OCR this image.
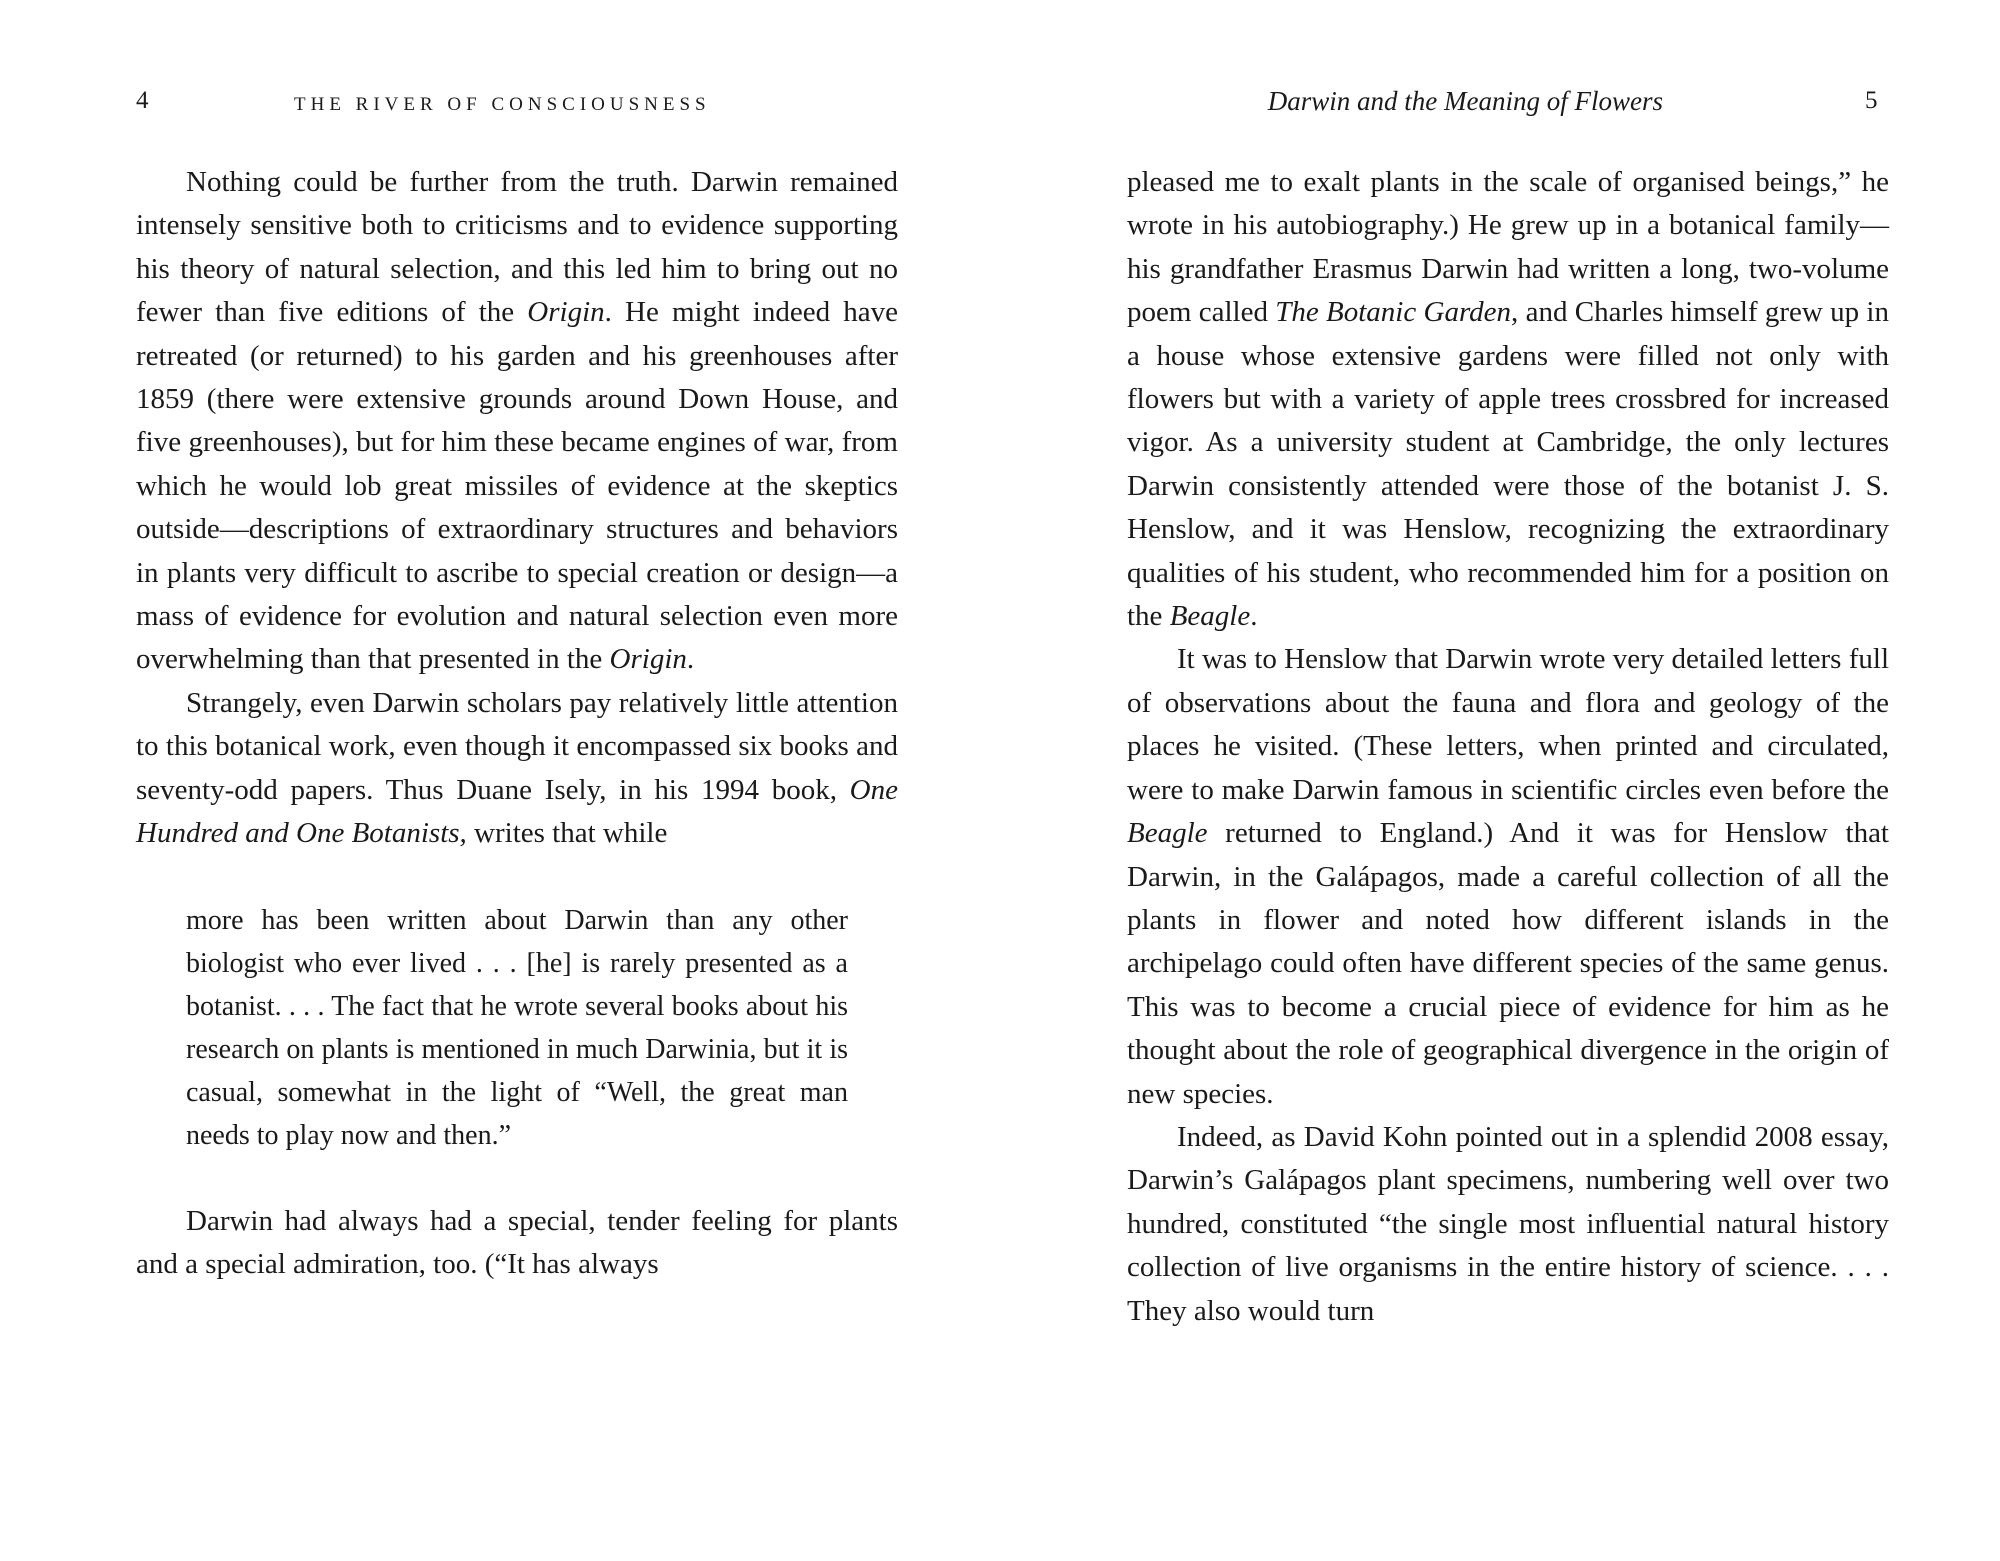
4	THE RIVER OF CONSCIOUSNESS

Nothing could be further from the truth. Darwin remained intensely sensitive both to criticisms and to evidence supporting his theory of natural selection, and this led him to bring out no fewer than five editions of the Origin. He might indeed have retreated (or returned) to his garden and his greenhouses after 1859 (there were extensive grounds around Down House, and five greenhouses), but for him these became engines of war, from which he would lob great missiles of evidence at the skeptics outside—descriptions of extraordinary structures and behaviors in plants very difficult to ascribe to special creation or design—a mass of evidence for evolution and natural selection even more overwhelming than that presented in the Origin.

Strangely, even Darwin scholars pay relatively little attention to this botanical work, even though it encompassed six books and seventy-odd papers. Thus Duane Isely, in his 1994 book, One Hundred and One Botanists, writes that while

more has been written about Darwin than any other biologist who ever lived . . . [he] is rarely presented as a botanist. . . . The fact that he wrote several books about his research on plants is mentioned in much Darwinia, but it is casual, somewhat in the light of “Well, the great man needs to play now and then.”

Darwin had always had a special, tender feeling for plants and a special admiration, too. (“It has always

Darwin and the Meaning of Flowers	5

pleased me to exalt plants in the scale of organised beings,” he wrote in his autobiography.) He grew up in a botanical family—his grandfather Erasmus Darwin had written a long, two-volume poem called The Botanic Garden, and Charles himself grew up in a house whose extensive gardens were filled not only with flowers but with a variety of apple trees crossbred for increased vigor. As a university student at Cambridge, the only lectures Darwin consistently attended were those of the botanist J. S. Henslow, and it was Henslow, recognizing the extraordinary qualities of his student, who recommended him for a position on the Beagle.

It was to Henslow that Darwin wrote very detailed letters full of observations about the fauna and flora and geology of the places he visited. (These letters, when printed and circulated, were to make Darwin famous in scientific circles even before the Beagle returned to England.) And it was for Henslow that Darwin, in the Galápagos, made a careful collection of all the plants in flower and noted how different islands in the archipelago could often have different species of the same genus. This was to become a crucial piece of evidence for him as he thought about the role of geographical divergence in the origin of new species.

Indeed, as David Kohn pointed out in a splendid 2008 essay, Darwin’s Galápagos plant specimens, numbering well over two hundred, constituted “the single most influential natural history collection of live organisms in the entire history of science. . . . They also would turn
